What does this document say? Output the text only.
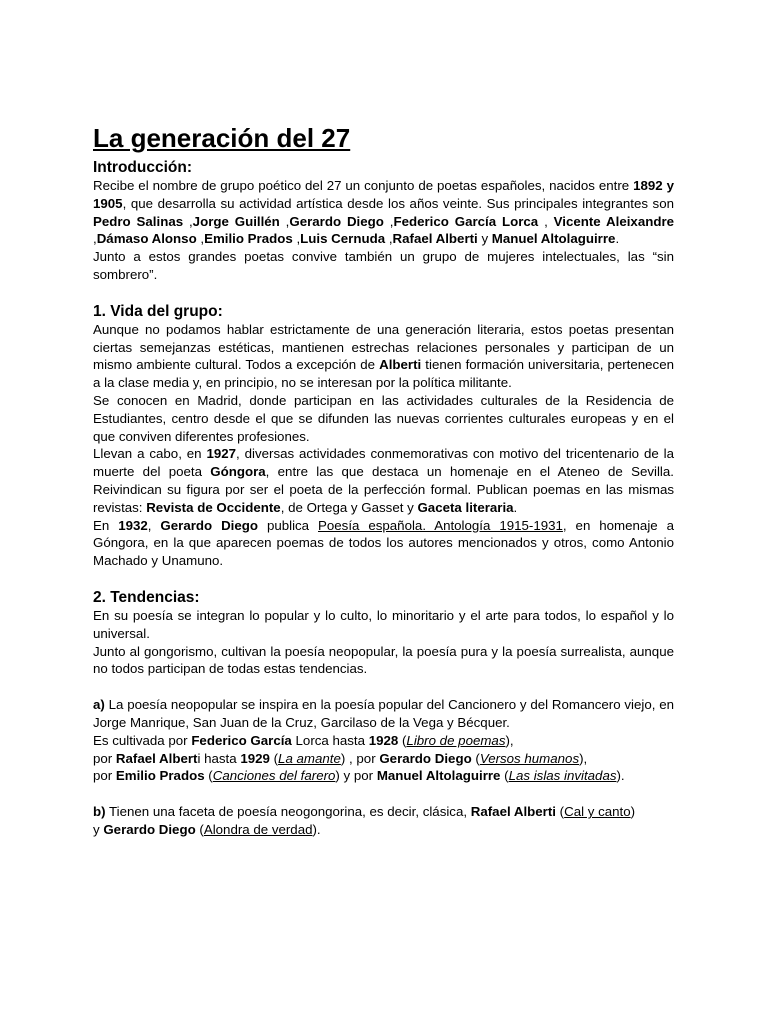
La generación del 27
Introducción:

Recibe el nombre de grupo poético del 27 un conjunto de poetas españoles, nacidos entre 1892 y 1905, que desarrolla su actividad artística desde los años veinte. Sus principales integrantes son Pedro Salinas ,Jorge Guillén ,Gerardo Diego ,Federico García Lorca , Vicente Aleixandre ,Dámaso Alonso ,Emilio Prados ,Luis Cernuda ,Rafael Alberti y Manuel Altolaguirre.

Junto a estos grandes poetas convive también un grupo de mujeres intelectuales, las “sin sombrero”.

1. Vida del grupo:

Aunque no podamos hablar estrictamente de una generación literaria, estos poetas presentan ciertas semejanzas estéticas, mantienen estrechas relaciones personales y participan de un mismo ambiente cultural. Todos a excepción de Alberti tienen formación universitaria, pertenecen a la clase media y, en principio, no se interesan por la política militante.

Se conocen en Madrid, donde participan en las actividades culturales de la Residencia de Estudiantes, centro desde el que se difunden las nuevas corrientes culturales europeas y en el que conviven diferentes profesiones.

Llevan a cabo, en 1927, diversas actividades conmemorativas con motivo del tricentenario de la muerte del poeta Góngora, entre las que destaca un homenaje en el Ateneo de Sevilla. Reivindican su figura por ser el poeta de la perfección formal. Publican poemas en las mismas revistas: Revista de Occidente, de Ortega y Gasset y Gaceta literaria.

En 1932, Gerardo Diego publica Poesía española. Antología 1915-1931, en homenaje a Góngora, en la que aparecen poemas de todos los autores mencionados y otros, como Antonio Machado y Unamuno.

2. Tendencias:

En su poesía se integran lo popular y lo culto, lo minoritario y el arte para todos, lo español y lo universal.

Junto al gongorismo, cultivan la poesía neopopular, la poesía pura y la poesía surrealista, aunque no todos participan de todas estas tendencias.

a) La poesía neopopular se inspira en la poesía popular del Cancionero y del Romancero viejo, en Jorge Manrique, San Juan de la Cruz, Garcilaso de la Vega y Bécquer.

Es cultivada por Federico García Lorca hasta 1928 (Libro de poemas),

por Rafael Alberti hasta 1929 (La amante) , por Gerardo Diego (Versos humanos),

por Emilio Prados (Canciones del farero) y por Manuel Altolaguirre (Las islas invitadas).

b) Tienen una faceta de poesía neogongorina, es decir, clásica, Rafael Alberti (Cal y canto)

y Gerardo Diego (Alondra de verdad).
